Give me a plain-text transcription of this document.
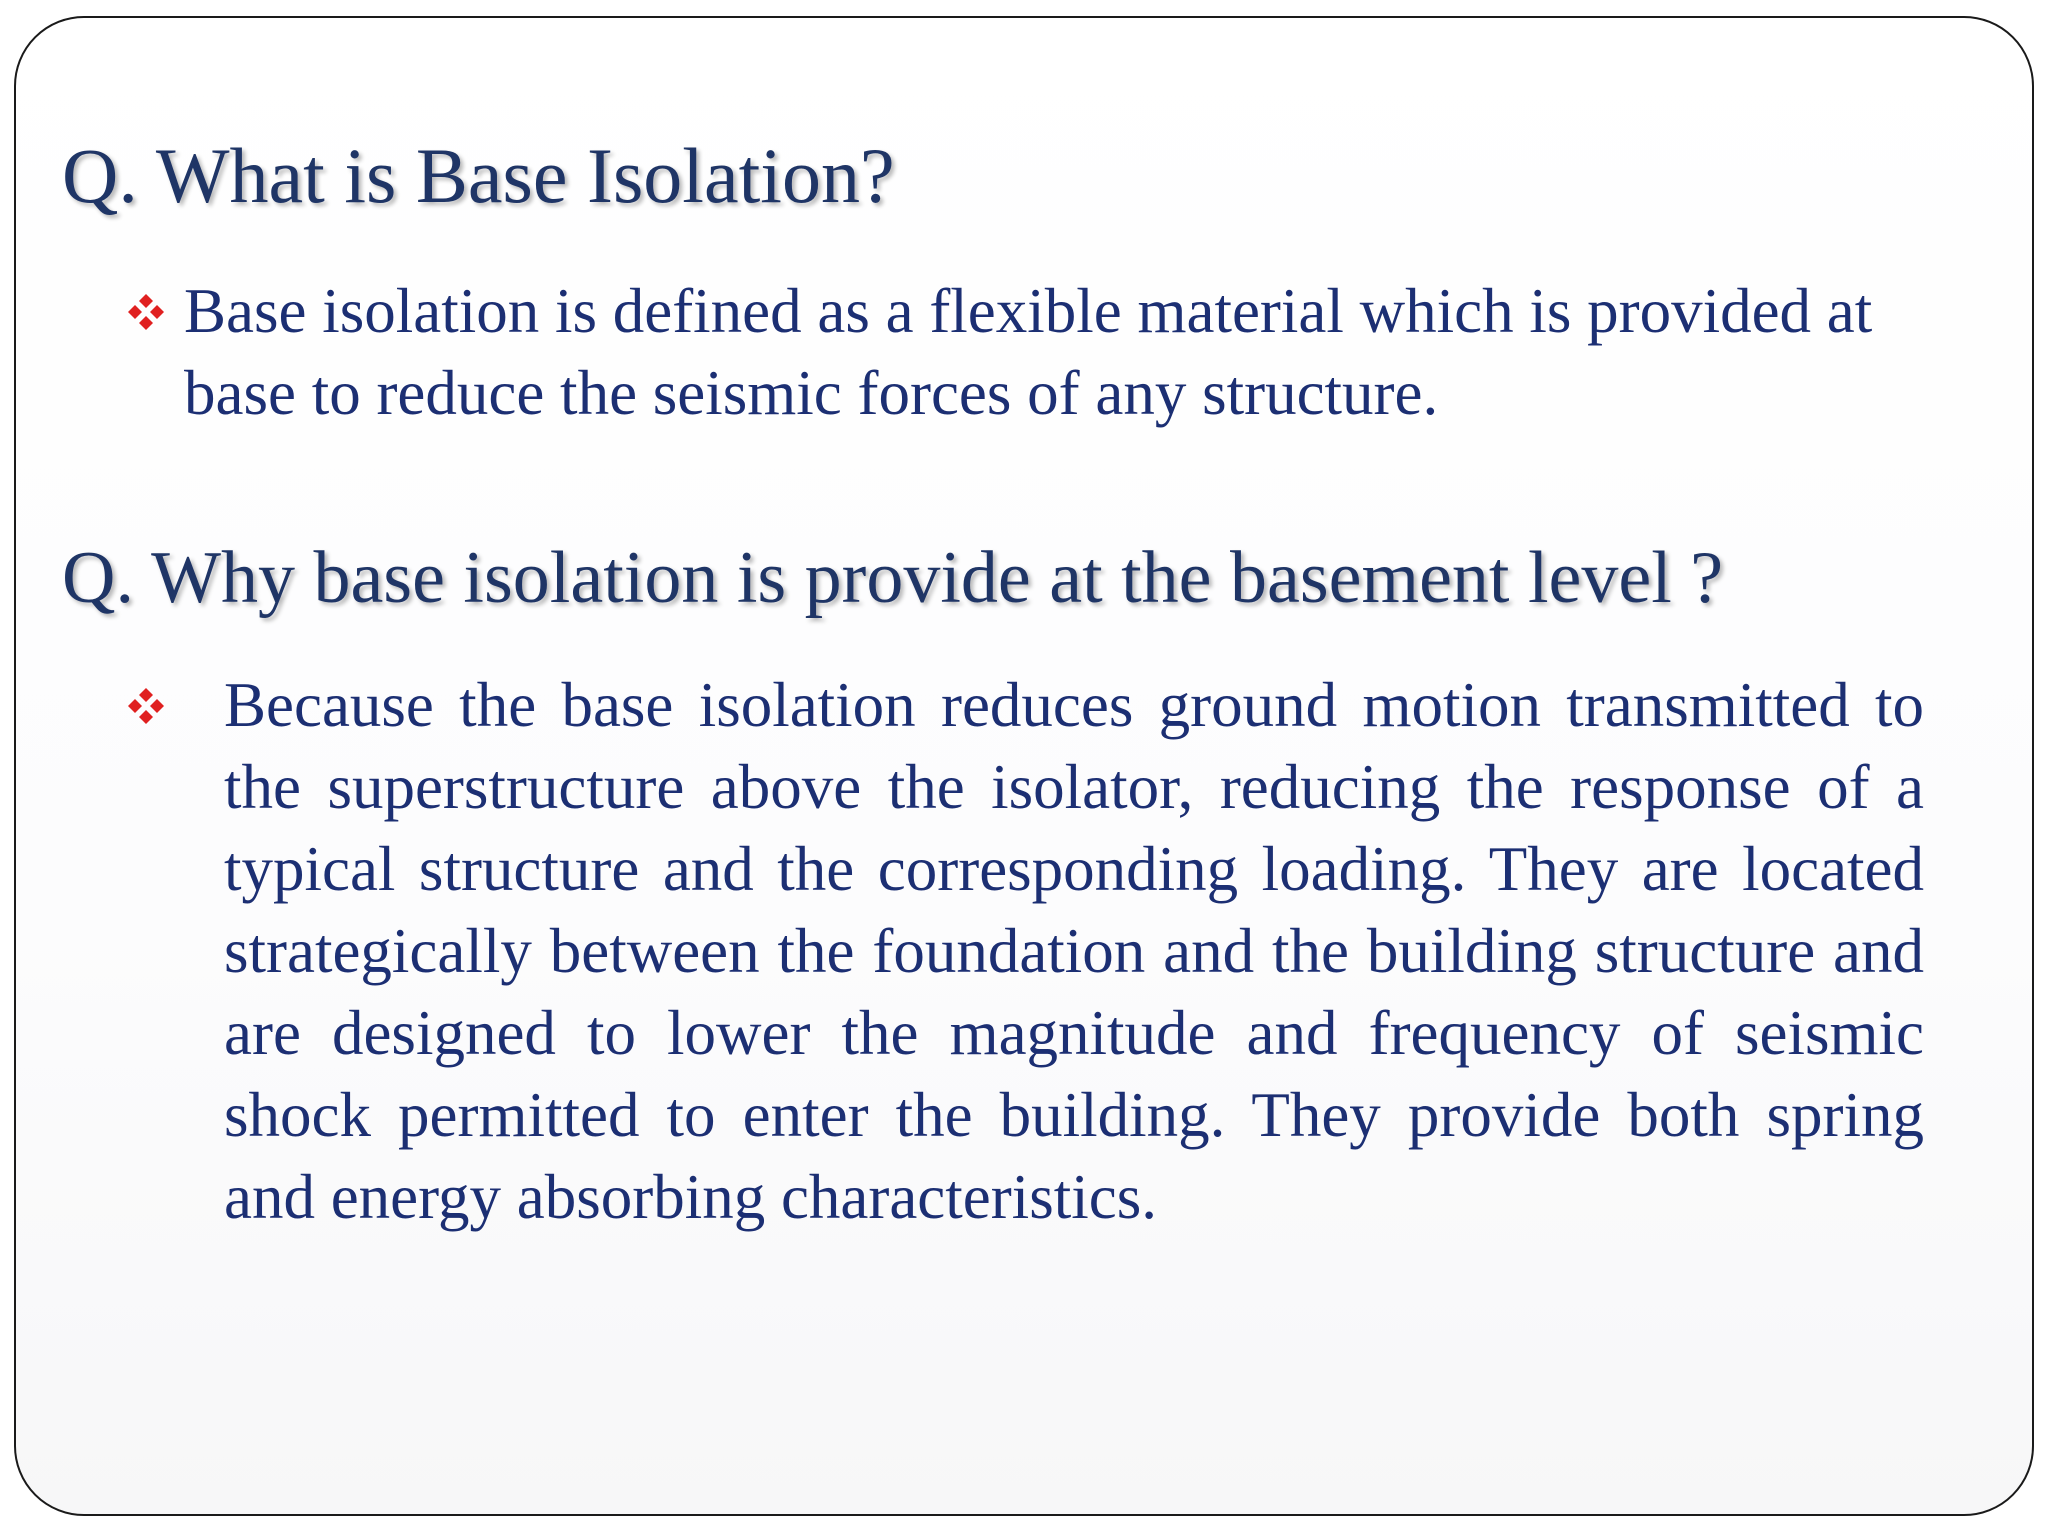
Q. What is Base Isolation?

Base isolation is defined as a flexible material which is provided at base to reduce the seismic forces of any structure.

Q. Why base isolation is provide at the basement level ?

Because the base isolation reduces ground motion transmitted to the superstructure above the isolator, reducing the response of a typical structure and the corresponding loading. They are located strategically between the foundation and the building structure and are designed to lower the magnitude and frequency of seismic shock permitted to enter the building. They provide both spring and energy absorbing characteristics.
